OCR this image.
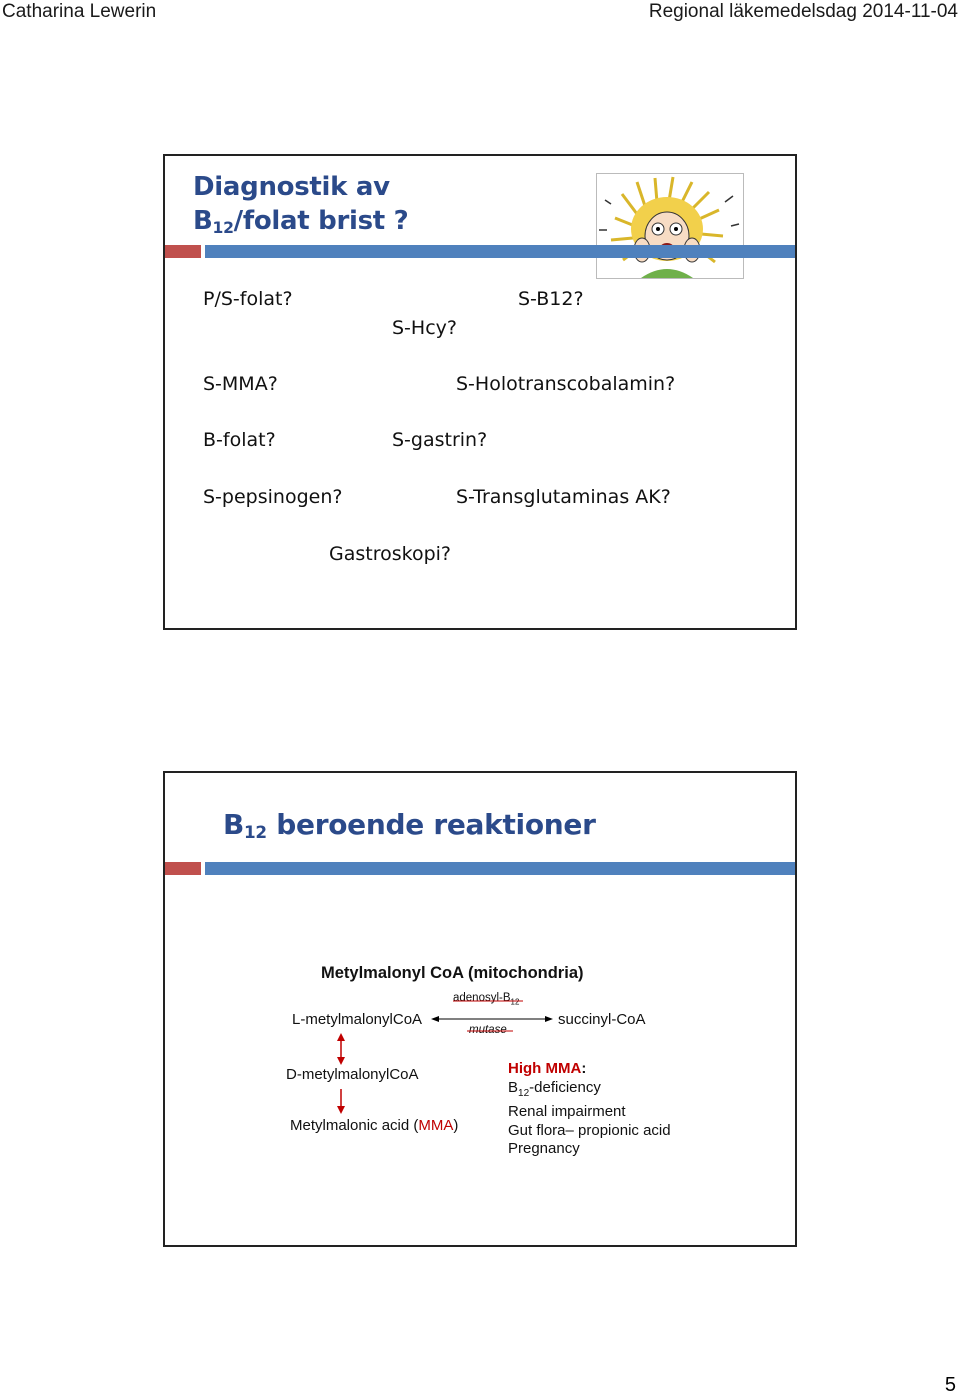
Catharina Lewerin	Regional läkemedelsdag 2014-11-04
Diagnostik av
$B_{12}$/folat brist ?
P/S-folat?	S-B12?
S-Hcy?
S-MMA?	S-Holotranscobalamin?
B-folat?	S-gastrin?
S-pepsinogen?	S-Transglutaminas AK?
Gastroskopi?
$B_{12}$ beroende reaktioner
Metylmalonyl CoA (mitochondria)
L-metylmalonylCoA
adenosyl-$B_{12}$
mutase
succinyl-CoA
D-metylmalonylCoA
Metylmalonic acid (MMA)
High MMA:
$B_{12}$-deficiency
Renal impairment
Gut flora– propionic acid
Pregnancy
5
